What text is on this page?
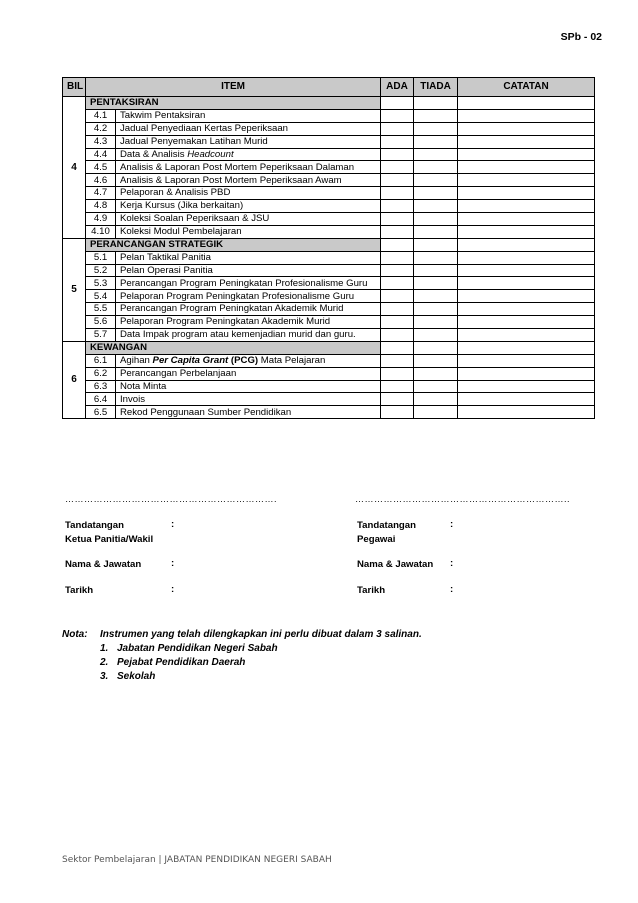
SPb - 02
BIL	ITEM		ADA	TIADA	CATATAN
4	PENTAKSIRAN				
	4.1	Takwim Pentaksiran			
	4.2	Jadual Penyediaan Kertas Peperiksaan			
	4.3	Jadual Penyemakan Latihan Murid			
	4.4	Data & Analisis Headcount			
	4.5	Analisis & Laporan Post Mortem Peperiksaan Dalaman			
	4.6	Analisis & Laporan Post Mortem Peperiksaan Awam			
	4.7	Pelaporan & Analisis PBD			
	4.8	Kerja Kursus (Jika berkaitan)			
	4.9	Koleksi Soalan Peperiksaan & JSU			
	4.10	Koleksi Modul Pembelajaran			
5	PERANCANGAN STRATEGIK				
	5.1	Pelan Taktikal Panitia			
	5.2	Pelan Operasi Panitia			
	5.3	Perancangan Program Peningkatan Profesionalisme Guru			
	5.4	Pelaporan Program Peningkatan Profesionalisme Guru			
	5.5	Perancangan Program Peningkatan Akademik Murid			
	5.6	Pelaporan Program Peningkatan Akademik Murid			
	5.7	Data Impak program atau kemenjadian murid dan guru.			
6	KEWANGAN				
	6.1	Agihan Per Capita Grant (PCG) Mata Pelajaran			
	6.2	Perancangan Perbelanjaan			
	6.3	Nota Minta			
	6.4	Invois			
	6.5	Rekod Penggunaan Sumber Pendidikan			
………………………………………………………….
Tandatangan
Ketua Panitia/Wakil
:
Nama & Jawatan	:
Tarikh	:
…………………………………………………………..
Tandatangan
Pegawai
:
Nama & Jawatan :
Tarikh	:
Nota: Instrumen yang telah dilengkapkan ini perlu dibuat dalam 3 salinan.
1. Jabatan Pendidikan Negeri Sabah
2. Pejabat Pendidikan Daerah
3. Sekolah
Sektor Pembelajaran | JABATAN PENDIDIKAN NEGERI SABAH
